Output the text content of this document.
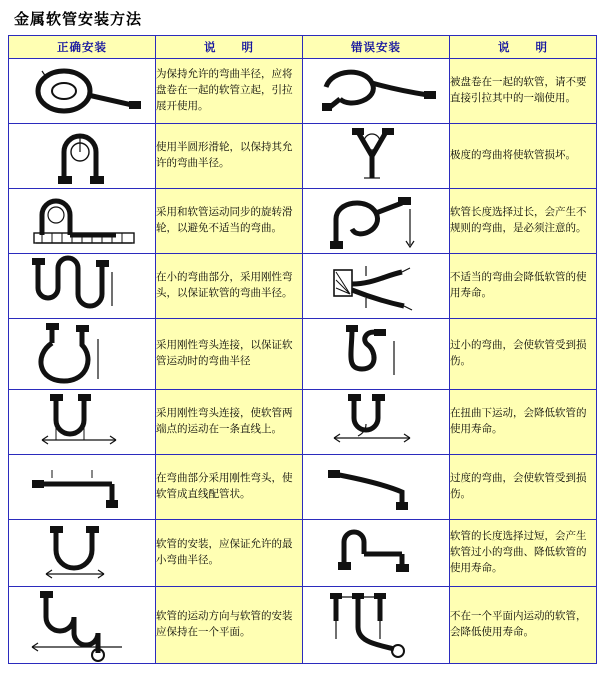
金属软管安装方法
正确安装	说　　明	错误安装	说　　明

	为保持允许的弯曲半径，应将盘卷在一起的软管立起，引拉展开使用。		被盘卷在一起的软管，请不要直接引拉其中的一端使用。

	使用半圆形滑轮，以保持其允许的弯曲半径。		极度的弯曲将使软管损坏。

	采用和软管运动同步的旋转滑轮，以避免不适当的弯曲。		软管长度选择过长，会产生不规则的弯曲，是必须注意的。

	在小的弯曲部分，采用刚性弯头，以保证软管的弯曲半径。		不适当的弯曲会降低软管的使用寿命。

	采用刚性弯头连接，以保证软管运动时的弯曲半径		过小的弯曲，会使软管受到损伤。

	采用刚性弯头连接，使软管两端点的运动在一条直线上。		在扭曲下运动，会降低软管的使用寿命。

	在弯曲部分采用刚性弯头，使软管成直线配管状。		过度的弯曲，会使软管受到损伤。

	软管的安装，应保证允许的最小弯曲半径。		软管的长度选择过短，会产生软管过小的弯曲、降低软管的使用寿命。

	软管的运动方向与软管的安装应保持在一个平面。		不在一个平面内运动的软管，会降低使用寿命。
